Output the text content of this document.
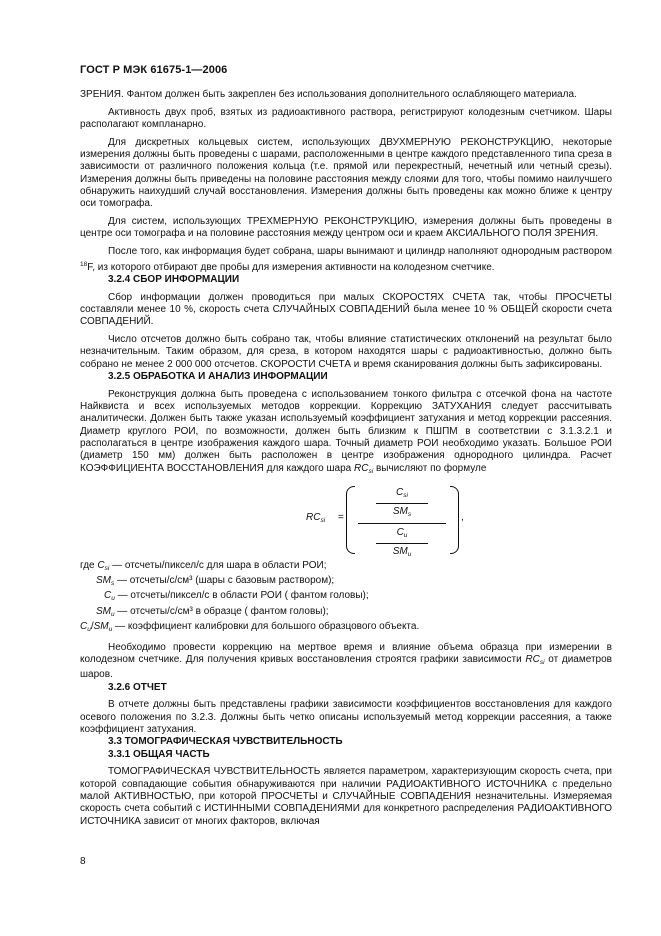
ГОСТ Р МЭК 61675-1—2006

ЗРЕНИЯ. Фантом должен быть закреплен без использования дополнительного ослабляющего материала.

Активность двух проб, взятых из радиоактивного раствора, регистрируют колодезным счетчиком. Шары располагают компланарно.

Для дискретных кольцевых систем, использующих ДВУХМЕРНУЮ РЕКОНСТРУКЦИЮ, некоторые измерения должны быть проведены с шарами, расположенными в центре каждого представленного типа среза в зависимости от различного положения кольца (т.е. прямой или перекрестный, нечетный или четный срезы). Измерения должны быть приведены на половине расстояния между слоями для того, чтобы помимо наилучшего обнаружить наихудший случай восстановления. Измерения должны быть проведены как можно ближе к центру оси томографа.

Для систем, использующих ТРЕХМЕРНУЮ РЕКОНСТРУКЦИЮ, измерения должны быть проведены в центре оси томографа и на половине расстояния между центром оси и краем АКСИАЛЬНОГО ПОЛЯ ЗРЕНИЯ.

После того, как информация будет собрана, шары вынимают и цилиндр наполняют однородным раствором $^{18}$F, из которого отбирают две пробы для измерения активности на колодезном счетчике.

3.2.4 СБОР ИНФОРМАЦИИ

Сбор информации должен проводиться при малых СКОРОСТЯХ СЧЕТА так, чтобы ПРОСЧЕТЫ составляли менее 10 %, скорость счета СЛУЧАЙНЫХ СОВПАДЕНИЙ была менее 10 % ОБЩЕЙ скорости счета СОВПАДЕНИЙ.

Число отсчетов должно быть собрано так, чтобы влияние статистических отклонений на результат было незначительным. Таким образом, для среза, в котором находятся шары с радиоактивностью, должно быть собрано не менее 2 000 000 отсчетов. СКОРОСТИ СЧЕТА и время сканирования должны быть зафиксированы.

3.2.5 ОБРАБОТКА И АНАЛИЗ ИНФОРМАЦИИ

Реконструкция должна быть проведена с использованием тонкого фильтра с отсечкой фона на частоте Найквиста и всех используемых методов коррекции. Коррекцию ЗАТУХАНИЯ следует рассчитывать аналитически. Должен быть также указан используемый коэффициент затухания и метод коррекции рассеяния. Диаметр круглого РОИ, по возможности, должен быть близким к ПШПМ в соответствии с 3.1.3.2.1 и располагаться в центре изображения каждого шара. Точный диаметр РОИ необходимо указать. Большое РОИ (диаметр 150 мм) должен быть расположен в центре изображения однородного цилиндра. Расчет КОЭФФИЦИЕНТА ВОССТАНОВЛЕНИЯ для каждого шара $RC_{si}$ вычисляют по формуле

$RC_{si}$ =
$C_{si}$
$SM_s$
$C_u$
$SM_u$
,
где $C_{si}$ — отсчеты/пиксел/с для шара в области РОИ;
$SM_s$ — отсчеты/с/см³ (шары с базовым раствором);
$C_u$ — отсчеты/пиксел/с в области РОИ ( фантом головы);
$SM_u$ — отсчеты/с/см³ в образце ( фантом головы);
$C_u/SM_u$ — коэффициент калибровки для большого образцового объекта.

Необходимо провести коррекцию на мертвое время и влияние объема образца при измерении в колодезном счетчике. Для получения кривых восстановления строятся графики зависимости $RC_{si}$ от диаметров шаров.

3.2.6 ОТЧЕТ

В отчете должны быть представлены графики зависимости коэффициентов восстановления для каждого осевого положения по 3.2.3. Должны быть четко описаны используемый метод коррекции рассеяния, а также коэффициент затухания.

3.3 ТОМОГРАФИЧЕСКАЯ ЧУВСТВИТЕЛЬНОСТЬ
3.3.1 ОБЩАЯ ЧАСТЬ

ТОМОГРАФИЧЕСКАЯ ЧУВСТВИТЕЛЬНОСТЬ является параметром, характеризующим скорость счета, при которой совпадающие события обнаруживаются при наличии РАДИОАКТИВНОГО ИСТОЧНИКА с предельно малой АКТИВНОСТЬЮ, при которой ПРОСЧЕТЫ и СЛУЧАЙНЫЕ СОВПАДЕНИЯ незначительны. Измеряемая скорость счета событий с ИСТИННЫМИ СОВПАДЕНИЯМИ для конкретного распределения РАДИОАКТИВНОГО ИСТОЧНИКА зависит от многих факторов, включая

8
